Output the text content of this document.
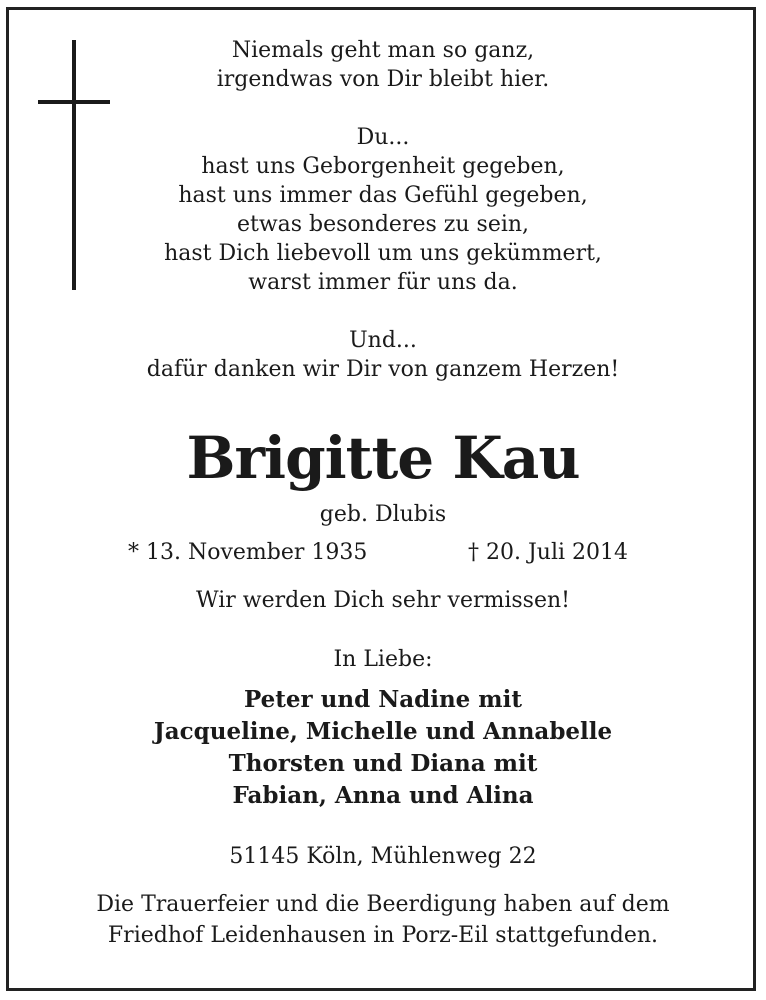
Niemals geht man so ganz,
irgendwas von Dir bleibt hier.
Du...
hast uns Geborgenheit gegeben,
hast uns immer das Gefühl gegeben,
etwas besonderes zu sein,
hast Dich liebevoll um uns gekümmert,
warst immer für uns da.
Und...
dafür danken wir Dir von ganzem Herzen!
Brigitte Kau
geb. Dlubis
* 13. November 1935	† 20. Juli 2014
Wir werden Dich sehr vermissen!
In Liebe:
Peter und Nadine mit
Jacqueline, Michelle und Annabelle
Thorsten und Diana mit
Fabian, Anna und Alina
51145 Köln, Mühlenweg 22
Die Trauerfeier und die Beerdigung haben auf dem
Friedhof Leidenhausen in Porz-Eil stattgefunden.
